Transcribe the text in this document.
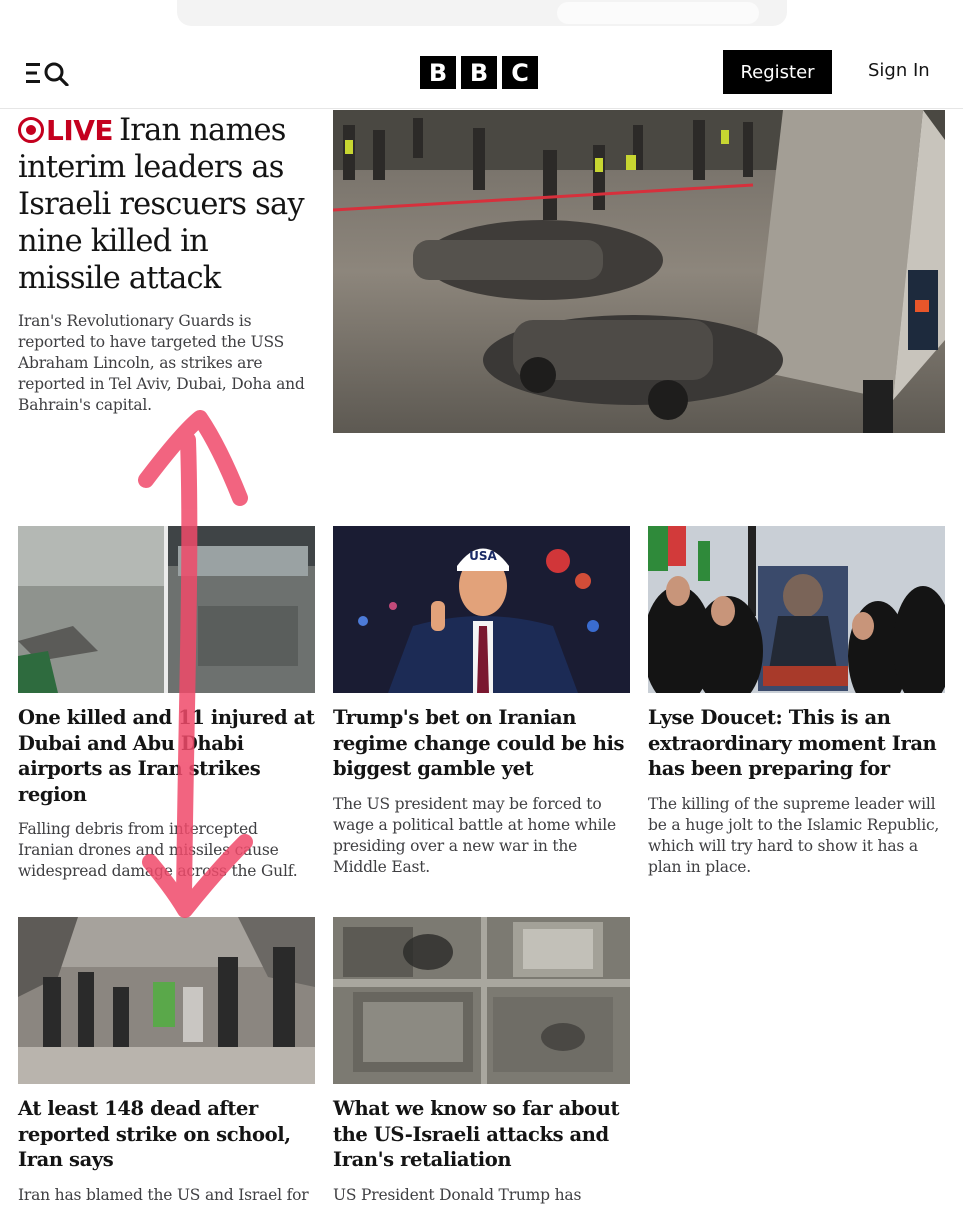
B B C	Register	Sign In
LIVE Iran names interim leaders as Israeli rescuers say nine killed in missile attack

Iran's Revolutionary Guards is reported to have targeted the USS Abraham Lincoln, as strikes are reported in Tel Aviv, Dubai, Doha and Bahrain's capital.

One killed and 11 injured at Dubai and Abu Dhabi airports as Iran strikes region

Falling debris from intercepted Iranian drones and missiles cause widespread damage across the Gulf.

USA
Trump's bet on Iranian regime change could be his biggest gamble yet

The US president may be forced to wage a political battle at home while presiding over a new war in the Middle East.

Lyse Doucet: This is an extraordinary moment Iran has been preparing for

The killing of the supreme leader will be a huge jolt to the Islamic Republic, which will try hard to show it has a plan in place.

At least 148 dead after reported strike on school, Iran says

Iran has blamed the US and Israel for

What we know so far about the US-Israeli attacks and Iran's retaliation

US President Donald Trump has
